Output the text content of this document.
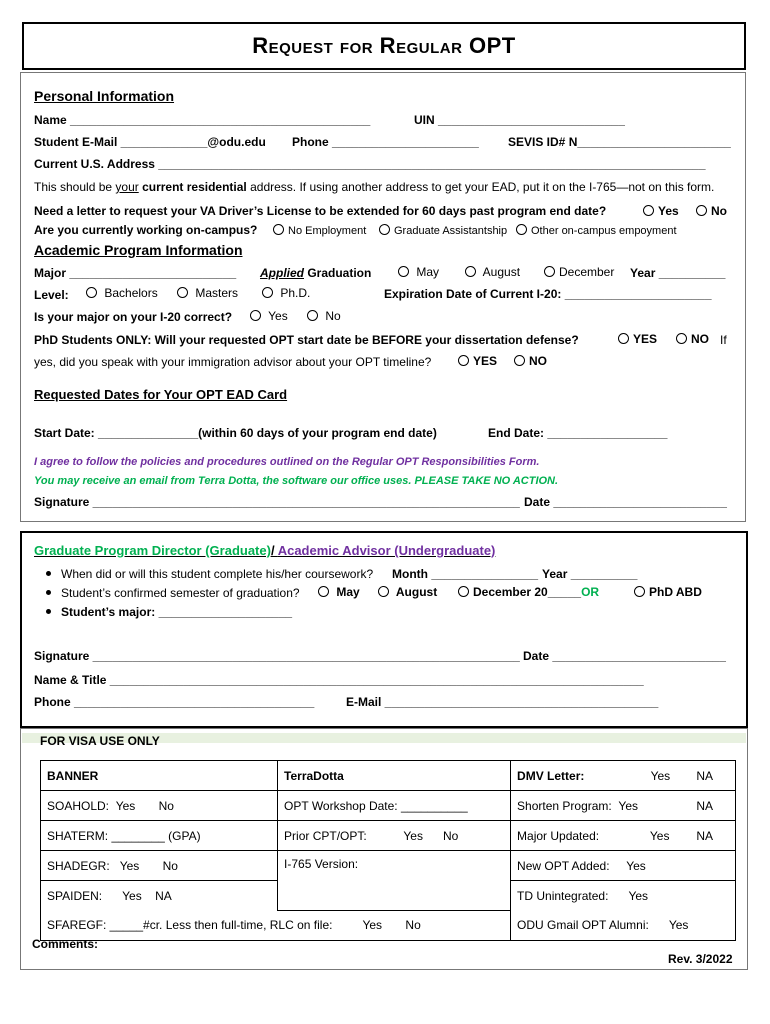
Request for Regular OPT
Personal Information
Name _____________________________________________	UIN ____________________________
Student E-Mail _____________@odu.edu Phone ______________________ SEVIS ID# N_______________________
Current U.S. Address __________________________________________________________________________________
This should be your current residential address. If using another address to get your EAD, put it on the I-765—not on this form.
Need a letter to request your VA Driver’s License to be extended for 60 days past program end date?	Yes	No
Are you currently working on-campus?	No Employment	Graduate Assistantship	Other on-campus empoyment
Academic Program Information
Major _________________________ Applied Graduation	May	August	December Year __________
Level:	Bachelors	Masters	Ph.D.	Expiration Date of Current I-20: ______________________
Is your major on your I-20 correct?	Yes	No
PhD Students ONLY: Will your requested OPT start date be BEFORE your dissertation defense?	YES	NO If
yes, did you speak with your immigration advisor about your OPT timeline?	YES	NO
Requested Dates for Your OPT EAD Card
Start Date: _______________(within 60 days of your program end date)	End Date: __________________
I agree to follow the policies and procedures outlined on the Regular OPT Responsibilities Form.
You may receive an email from Terra Dotta, the software our office uses. PLEASE TAKE NO ACTION.
Signature ________________________________________________________________ Date __________________________
Graduate Program Director (Graduate)/ Academic Advisor (Undergraduate)
When did or will this student complete his/her coursework? Month ________________ Year __________
Student’s confirmed semester of graduation?	May	August	December 20_____OR	PhD ABD
Student’s major: ____________________
Signature ________________________________________________________________ Date __________________________
Name & Title ________________________________________________________________________________
Phone ____________________________________	E-Mail _________________________________________
FOR VISA USE ONLY
BANNER	TerraDotta	DMV Letter: Yes NA

SOAHOLD: Yes No	OPT Workshop Date: __________	Shorten Program: Yes NA

SHATERM: ________ (GPA)	Prior CPT/OPT: Yes No	Major Updated: Yes NA

SHADEGR: Yes No	I-765 Version:	New OPT Added: Yes
SPAIDEN: Yes NA		TD Unintegrated: Yes
SFAREGF: _____#cr. Less then full-time, RLC on file: Yes No		ODU Gmail OPT Alumni: Yes
Comments:
Rev. 3/2022
